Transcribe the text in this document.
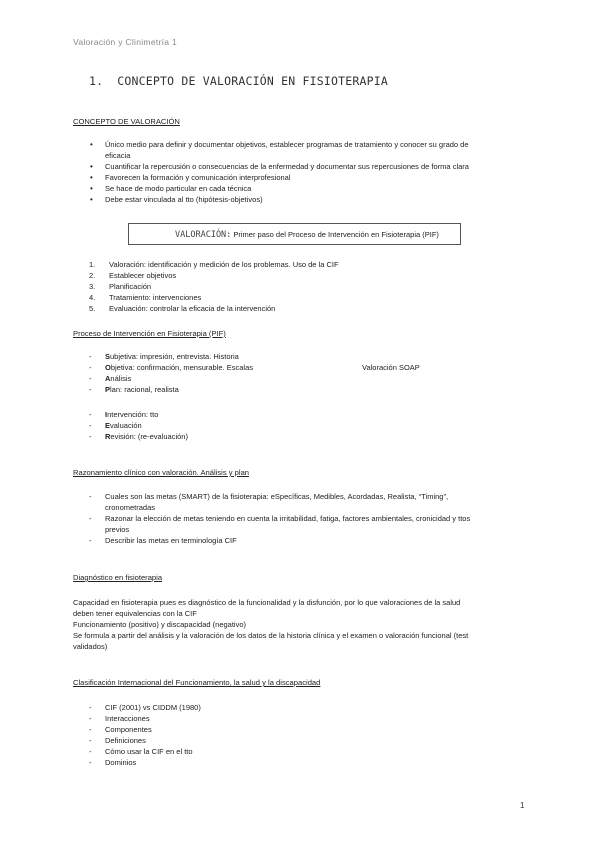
Valoración y Clinimetría 1
1. CONCEPTO DE VALORACIÓN EN FISIOTERAPIA
CONCEPTO DE VALORACIÓN
• Único medio para definir y documentar objetivos, establecer programas de tratamiento y conocer su grado de
eficacia
• Cuantificar la repercusión o consecuencias de la enfermedad y documentar sus repercusiones de forma clara
• Favorecen la formación y comunicación interprofesional
• Se hace de modo particular en cada técnica
• Debe estar vinculada al tto (hipótesis-objetivos)
VALORACIÓN: Primer paso del Proceso de Intervención en Fisioterapia (PIF)
1. Valoración: identificación y medición de los problemas. Uso de la CIF
2. Establecer objetivos
3. Planificación
4. Tratamiento: intervenciones
5. Evaluación: controlar la eficacia de la intervención
Proceso de Intervención en Fisioterapia (PIF)
- Subjetiva: impresión, entrevista. Historia
- Objetiva: confirmación, mensurable. Escalas
- Análisis
- Plan: racional, realista
Valoración SOAP
- Intervención: tto
- Evaluación
- Revisión: (re-evaluación)
Razonamiento clínico con valoración. Análisis y plan
- Cuales son las metas (SMART) de la fisioterapia: eSpecíficas, Medibles, Acordadas, Realista, “Timing”,
cronometradas
- Razonar la elección de metas teniendo en cuenta la irritabilidad, fatiga, factores ambientales, cronicidad y ttos
previos
- Describir las metas en terminología CIF
Diagnóstico en fisioterapia
Capacidad en fisioterapia pues es diagnóstico de la funcionalidad y la disfunción, por lo que valoraciones de la salud
deben tener equivalencias con la CIF
Funcionamiento (positivo) y discapacidad (negativo)
Se formula a partir del análisis y la valoración de los datos de la historia clínica y el examen o valoración funcional (test
validados)
Clasificación Internacional del Funcionamiento, la salud y la discapacidad
- CIF (2001) vs CIDDM (1980)
- Interacciones
- Componentes
- Definiciones
- Cómo usar la CIF en el tto
- Dominios
1
